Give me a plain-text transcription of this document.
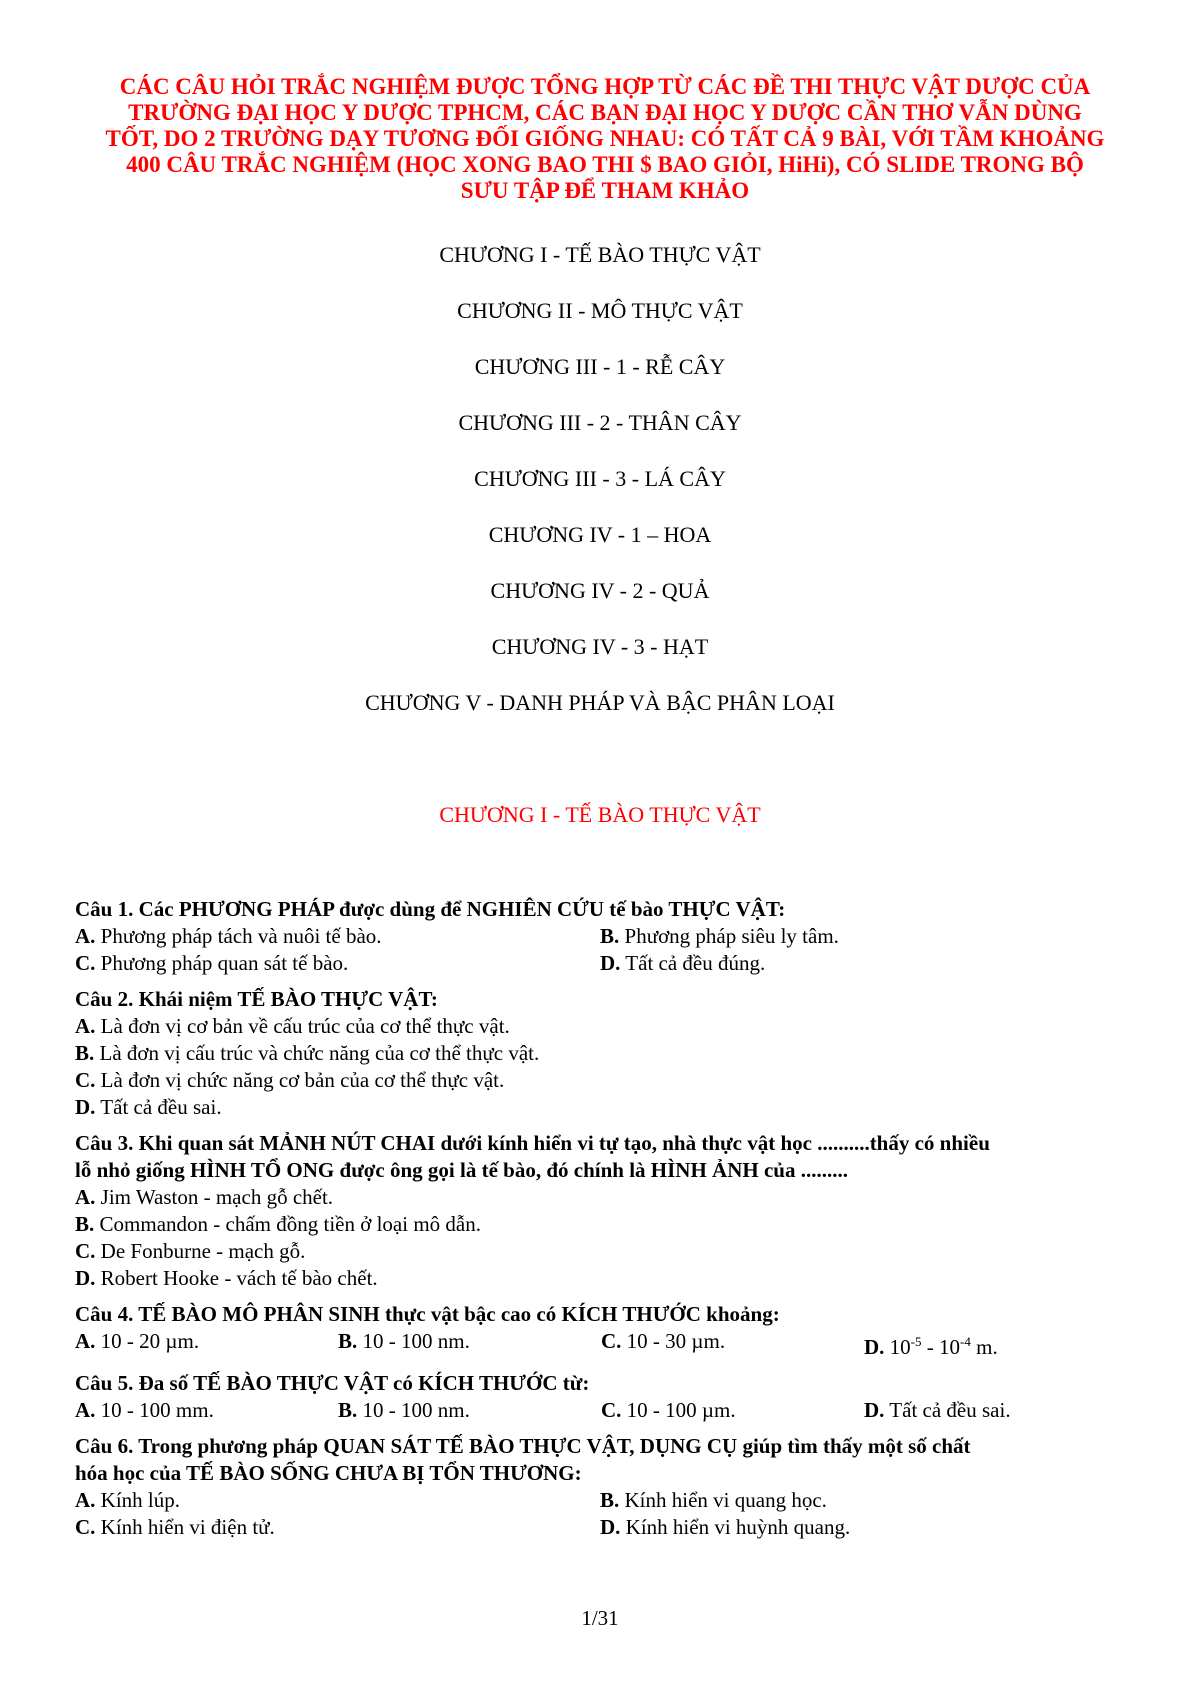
CÁC CÂU HỎI TRẮC NGHIỆM ĐƯỢC TỔNG HỢP TỪ CÁC ĐỀ THI THỰC VẬT DƯỢC CỦA
TRƯỜNG ĐẠI HỌC Y DƯỢC TPHCM, CÁC BẠN ĐẠI HỌC Y DƯỢC CẦN THƠ VẪN DÙNG
TỐT, DO 2 TRƯỜNG DẠY TƯƠNG ĐỐI GIỐNG NHAU: CÓ TẤT CẢ 9 BÀI, VỚI TẦM KHOẢNG
400 CÂU TRẮC NGHIỆM (HỌC XONG BAO THI $ BAO GIỎI, HiHi), CÓ SLIDE TRONG BỘ
SƯU TẬP ĐỂ THAM KHẢO
CHƯƠNG I - TẾ BÀO THỰC VẬT
CHƯƠNG II - MÔ THỰC VẬT
CHƯƠNG III - 1 - RỄ CÂY
CHƯƠNG III - 2 - THÂN CÂY
CHƯƠNG III - 3 - LÁ CÂY
CHƯƠNG IV - 1 – HOA
CHƯƠNG IV - 2 - QUẢ
CHƯƠNG IV - 3 - HẠT
CHƯƠNG V - DANH PHÁP VÀ BẬC PHÂN LOẠI
CHƯƠNG I - TẾ BÀO THỰC VẬT
Câu 1. Các PHƯƠNG PHÁP được dùng để NGHIÊN CỨU tế bào THỰC VẬT:
A. Phương pháp tách và nuôi tế bào.	B. Phương pháp siêu ly tâm.
C. Phương pháp quan sát tế bào.	D. Tất cả đều đúng.
Câu 2. Khái niệm TẾ BÀO THỰC VẬT:
A. Là đơn vị cơ bản về cấu trúc của cơ thể thực vật.
B. Là đơn vị cấu trúc và chức năng của cơ thể thực vật.
C. Là đơn vị chức năng cơ bản của cơ thể thực vật.
D. Tất cả đều sai.
Câu 3. Khi quan sát MẢNH NÚT CHAI dưới kính hiển vi tự tạo, nhà thực vật học ..........thấy có nhiều
lỗ nhỏ giống HÌNH TỔ ONG được ông gọi là tế bào, đó chính là HÌNH ẢNH của .........
A. Jim Waston - mạch gỗ chết.
B. Commandon - chấm đồng tiền ở loại mô dẫn.
C. De Fonburne - mạch gỗ.
D. Robert Hooke - vách tế bào chết.
Câu 4. TẾ BÀO MÔ PHÂN SINH thực vật bậc cao có KÍCH THƯỚC khoảng:
A. 10 - 20 µm.	B. 10 - 100 nm.	C. 10 - 30 µm.	D. $10^{-5} - 10^{-4}$ m.
Câu 5. Đa số TẾ BÀO THỰC VẬT có KÍCH THƯỚC từ:
A. 10 - 100 mm.	B. 10 - 100 nm.	C. 10 - 100 µm.	D. Tất cả đều sai.
Câu 6. Trong phương pháp QUAN SÁT TẾ BÀO THỰC VẬT, DỤNG CỤ giúp tìm thấy một số chất
hóa học của TẾ BÀO SỐNG CHƯA BỊ TỔN THƯƠNG:
A. Kính lúp.	B. Kính hiển vi quang học.
C. Kính hiển vi điện tử.	D. Kính hiển vi huỳnh quang.
1/31
